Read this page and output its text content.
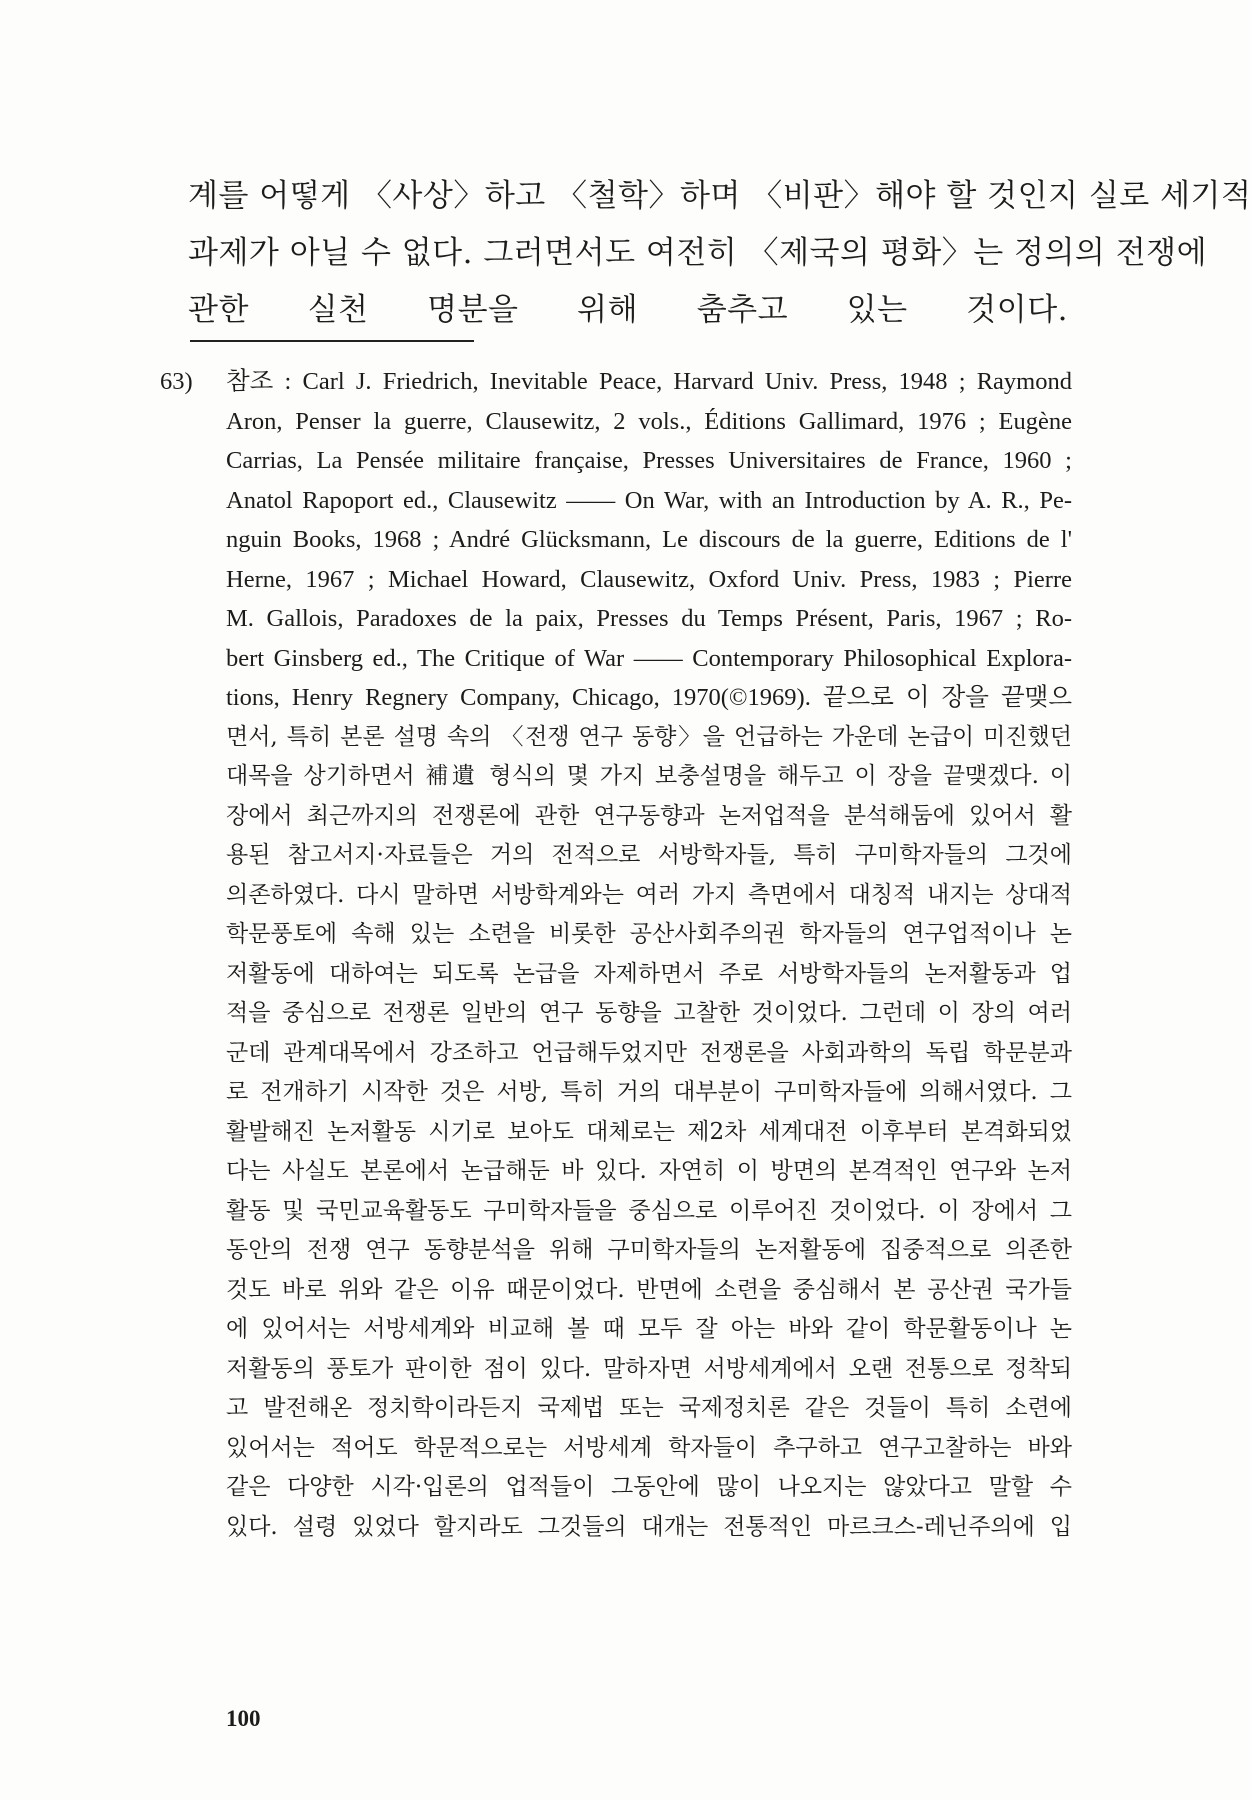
계를 어떻게 〈사상〉하고 〈철학〉하며 〈비판〉해야 할 것인지 실로 세기적
과제가 아닐 수 없다. 그러면서도 여전히 〈제국의 평화〉는 정의의 전쟁에
관한 실천 명분을 위해 춤추고 있는 것이다.
63)	참조 : Carl J. Friedrich, Inevitable Peace, Harvard Univ. Press, 1948 ; Raymond
Aron, Penser la guerre, Clausewitz, 2 vols., Éditions Gallimard, 1976 ; Eugène
Carrias, La Pensée militaire française, Presses Universitaires de France, 1960 ;
Anatol Rapoport ed., Clausewitz —— On War, with an Introduction by A. R., Pe-
nguin Books, 1968 ; André Glücksmann, Le discours de la guerre, Editions de l'
Herne, 1967 ; Michael Howard, Clausewitz, Oxford Univ. Press, 1983 ; Pierre
M. Gallois, Paradoxes de la paix, Presses du Temps Présent, Paris, 1967 ; Ro-
bert Ginsberg ed., The Critique of War —— Contemporary Philosophical Explora-
tions, Henry Regnery Company, Chicago, 1970(©1969). 끝으로 이 장을 끝맺으
면서, 특히 본론 설명 속의 〈전쟁 연구 동향〉을 언급하는 가운데 논급이 미진했던
대목을 상기하면서 補遺 형식의 몇 가지 보충설명을 해두고 이 장을 끝맺겠다. 이
장에서 최근까지의 전쟁론에 관한 연구동향과 논저업적을 분석해둠에 있어서 활
용된 참고서지·자료들은 거의 전적으로 서방학자들, 특히 구미학자들의 그것에
의존하였다. 다시 말하면 서방학계와는 여러 가지 측면에서 대칭적 내지는 상대적
학문풍토에 속해 있는 소련을 비롯한 공산사회주의권 학자들의 연구업적이나 논
저활동에 대하여는 되도록 논급을 자제하면서 주로 서방학자들의 논저활동과 업
적을 중심으로 전쟁론 일반의 연구 동향을 고찰한 것이었다. 그런데 이 장의 여러
군데 관계대목에서 강조하고 언급해두었지만 전쟁론을 사회과학의 독립 학문분과
로 전개하기 시작한 것은 서방, 특히 거의 대부분이 구미학자들에 의해서였다. 그
활발해진 논저활동 시기로 보아도 대체로는 제2차 세계대전 이후부터 본격화되었
다는 사실도 본론에서 논급해둔 바 있다. 자연히 이 방면의 본격적인 연구와 논저
활동 및 국민교육활동도 구미학자들을 중심으로 이루어진 것이었다. 이 장에서 그
동안의 전쟁 연구 동향분석을 위해 구미학자들의 논저활동에 집중적으로 의존한
것도 바로 위와 같은 이유 때문이었다. 반면에 소련을 중심해서 본 공산권 국가들
에 있어서는 서방세계와 비교해 볼 때 모두 잘 아는 바와 같이 학문활동이나 논
저활동의 풍토가 판이한 점이 있다. 말하자면 서방세계에서 오랜 전통으로 정착되
고 발전해온 정치학이라든지 국제법 또는 국제정치론 같은 것들이 특히 소련에
있어서는 적어도 학문적으로는 서방세계 학자들이 추구하고 연구고찰하는 바와
같은 다양한 시각·입론의 업적들이 그동안에 많이 나오지는 않았다고 말할 수
있다. 설령 있었다 할지라도 그것들의 대개는 전통적인 마르크스-레닌주의에 입
100
